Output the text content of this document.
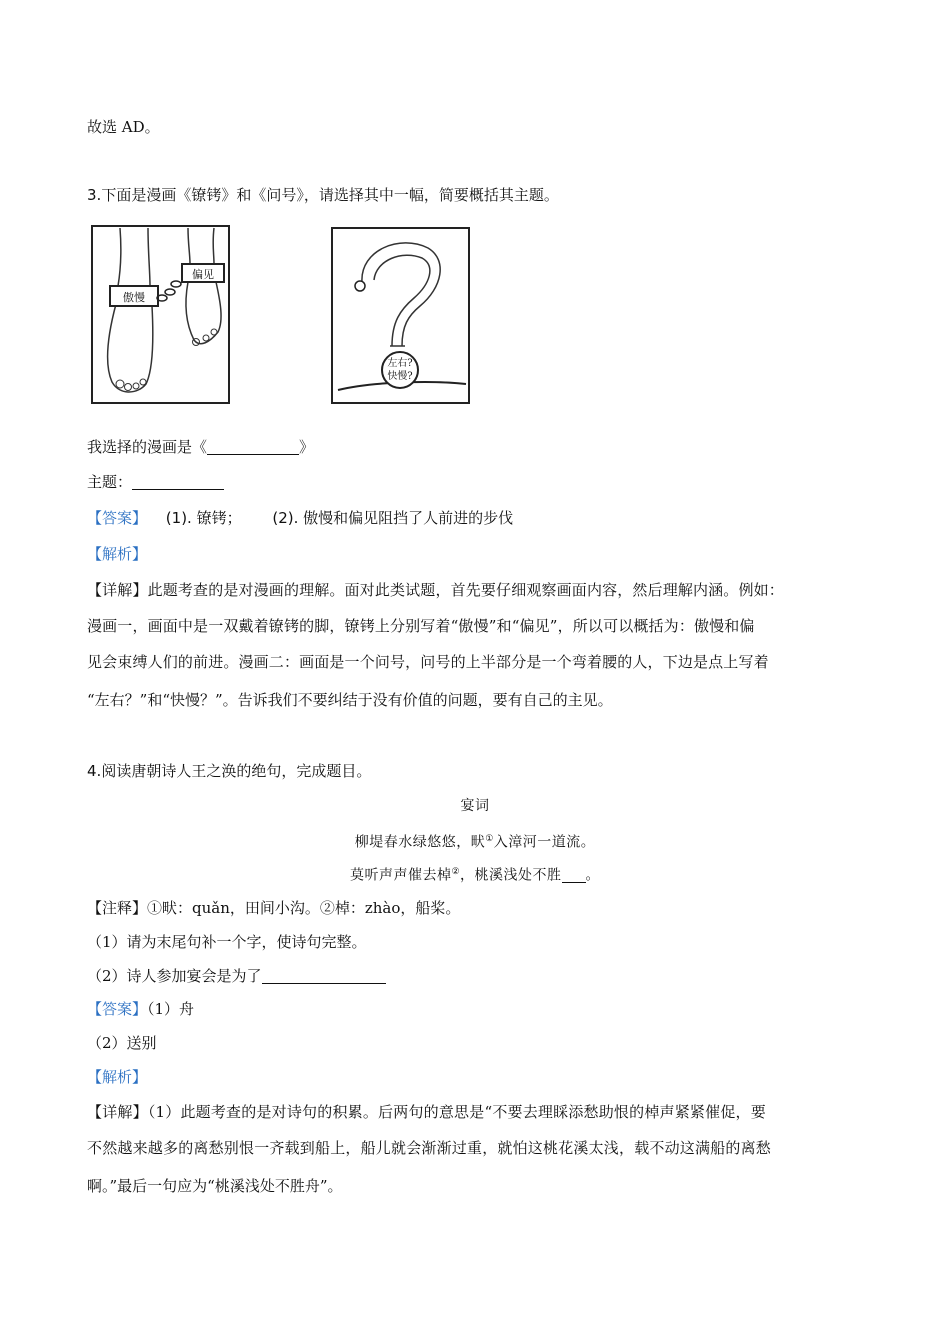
故选 AD。
3.下面是漫画《镣铐》和《问号》，请选择其中一幅，简要概括其主题。
傲慢
偏见
左右?
快慢?
我选择的漫画是《	》
主题：
【答案】 (1). 镣铐； (2). 傲慢和偏见阻挡了人前进的步伐
【解析】
【详解】此题考查的是对漫画的理解。面对此类试题，首先要仔细观察画面内容，然后理解内涵。例如：
漫画一，画面中是一双戴着镣铐的脚，镣铐上分别写着“傲慢”和“偏见”，所以可以概括为：傲慢和偏
见会束缚人们的前进。漫画二：画面是一个问号，问号的上半部分是一个弯着腰的人，下边是点上写着
“左右？”和“快慢？”。告诉我们不要纠结于没有价值的问题，要有自己的主见。
4.阅读唐朝诗人王之涣的绝句，完成题目。
宴词
柳堤春水绿悠悠，畎①入漳河一道流。
莫听声声催去棹②，桃溪浅处不胜 。
【注释】①畎：quǎn，田间小沟。②棹：zhào，船桨。
（1）请为末尾句补一个字，使诗句完整。
（2）诗人参加宴会是为了
【答案】（1）舟
（2）送别
【解析】
【详解】（1）此题考查的是对诗句的积累。后两句的意思是“不要去理睬添愁助恨的棹声紧紧催促，要
不然越来越多的离愁别恨一齐载到船上，船儿就会渐渐过重，就怕这桃花溪太浅，载不动这满船的离愁
啊。”最后一句应为“桃溪浅处不胜舟”。
